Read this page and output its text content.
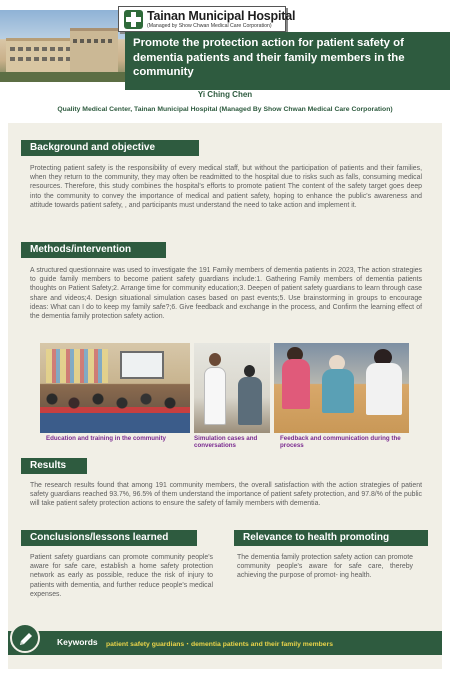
Tainan Municipal Hospital
(Managed by Show Chwan Medical Care Corporation)
Promote the protection action for patient safety of dementia patients and their family members in the community
Yi Ching Chen
Quality Medical Center, Tainan Municipal Hospital (Managed By Show Chwan Medical Care Corporation)
Background and objective
Protecting patient safety is the responsibility of every medical staff, but without the participation of patients and their families, when they return to the community, they may often be readmitted to the hospital due to risks such as falls, consuming medical resources. Therefore, this study combines the hospital's efforts to promote patient The content of the safety target goes deep into the community to convey the importance of medical and patient safety, hoping to enhance the public's awareness and attitude towards patient safety, , and participants must understand the need to take action and implement it.
Methods/intervention
A structured questionnaire was used to investigate the 191 Family members of dementia patients in 2023, The action strategies to guide family members to become patient safety guardians include:1. Gathering Family members of dementia patients thoughts on Patient Safety;2. Arrange time for community education;3. Deepen of patient safety guardians to learn through case share and videos;4. Design situational simulation cases based on past events;5. Use brainstorming in groups to encourage ideas: What can I do to keep my family safe?;6. Give feedback and exchange in the process, and Confirm the learning effect of the dementia family protection safety action.
Education and training in the community	Simulation cases and conversations
Feedback and communication during the process
Results
The research results found that among 191 community members, the overall satisfaction with the action strategies of patient safety guardians reached 93.7%, 96.5% of them understand the importance of patient safety protection, and 97.8/% of the public will take patient safety protection actions to ensure the safety of family members with dementia.
Conclusions/lessons learned
Patient safety guardians can promote community people's aware for safe care, establish a home safety protection network as early as possible, reduce the risk of injury to patients with dementia, and further reduce people's medical expenses.
Relevance to health promoting
The dementia family protection safety action can promote community people's aware for safe care, thereby achieving the purpose of promot- ing health.
Keywords patient safety guardians・dementia patients and their family members
